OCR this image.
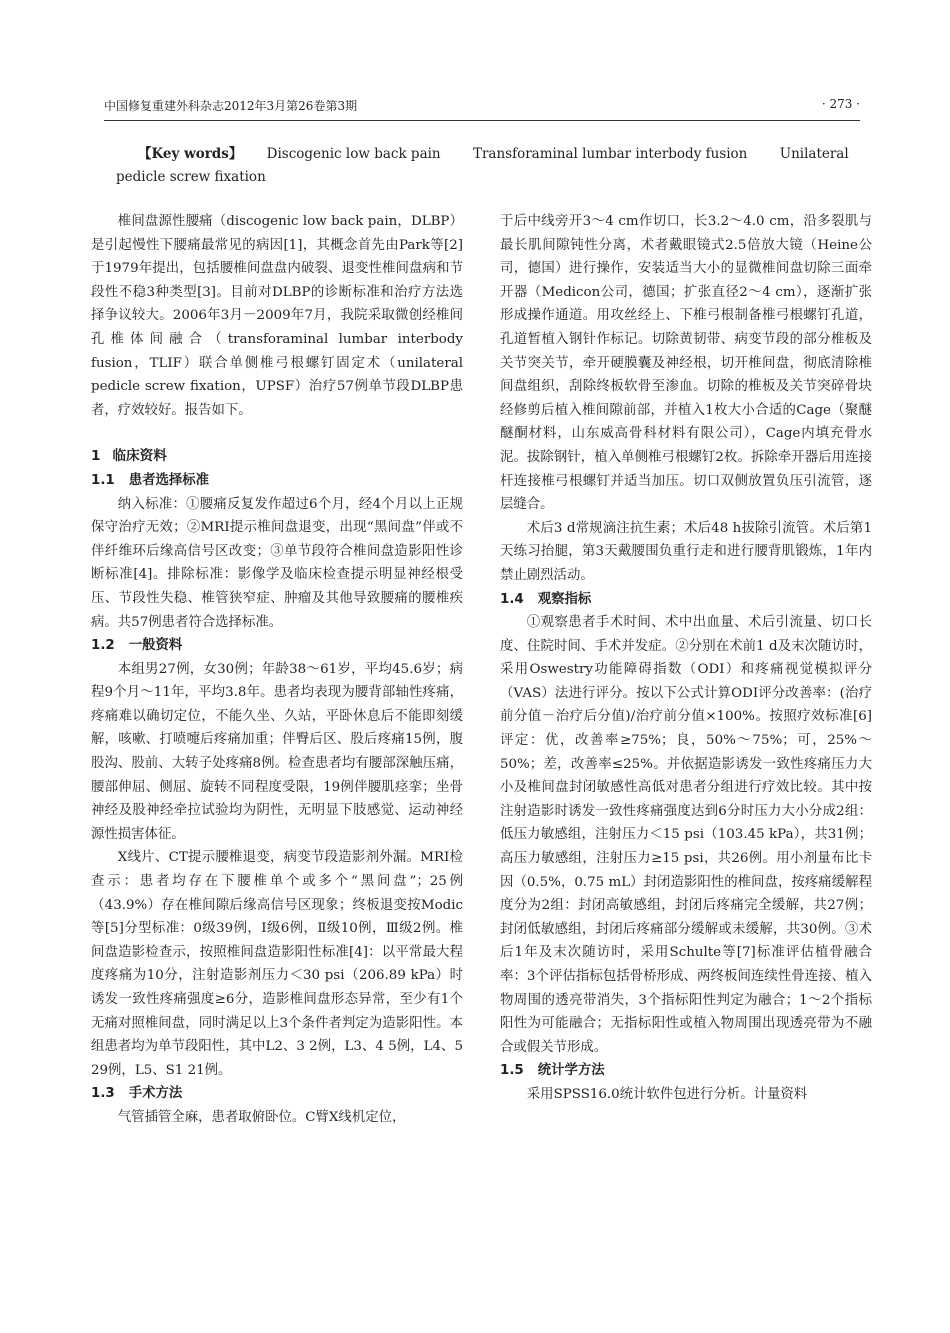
中国修复重建外科杂志2012年3月第26卷第3期	· 273 ·
【Key words】 Discogenic low back pain Transforaminal lumbar interbody fusion Unilateral pedicle screw fixation

椎间盘源性腰痛（discogenic low back pain，DLBP）是引起慢性下腰痛最常见的病因[1]，其概念首先由Park等[2]于1979年提出，包括腰椎间盘盘内破裂、退变性椎间盘病和节段性不稳3种类型[3]。目前对DLBP的诊断标准和治疗方法选择争议较大。2006年3月－2009年7月，我院采取微创经椎间孔椎体间融合（transforaminal lumbar interbody fusion，TLIF）联合单侧椎弓根螺钉固定术（unilateral pedicle screw fixation，UPSF）治疗57例单节段DLBP患者，疗效较好。报告如下。

1 临床资料
1.1 患者选择标准

纳入标准：①腰痛反复发作超过6个月，经4个月以上正规保守治疗无效；②MRI提示椎间盘退变，出现“黑间盘”伴或不伴纤维环后缘高信号区改变；③单节段符合椎间盘造影阳性诊断标准[4]。排除标准：影像学及临床检查提示明显神经根受压、节段性失稳、椎管狭窄症、肿瘤及其他导致腰痛的腰椎疾病。共57例患者符合选择标准。

1.2 一般资料

本组男27例，女30例；年龄38～61岁，平均45.6岁；病程9个月～11年，平均3.8年。患者均表现为腰背部轴性疼痛，疼痛难以确切定位，不能久坐、久站，平卧休息后不能即刻缓解，咳嗽、打喷嚏后疼痛加重；伴臀后区、股后疼痛15例，腹股沟、股前、大转子处疼痛8例。检查患者均有腰部深触压痛，腰部伸屈、侧屈、旋转不同程度受限，19例伴腰肌痉挛；坐骨神经及股神经牵拉试验均为阴性，无明显下肢感觉、运动神经源性损害体征。

X线片、CT提示腰椎退变，病变节段造影剂外漏。MRI检查示：患者均存在下腰椎单个或多个“黑间盘”；25例（43.9%）存在椎间隙后缘高信号区现象；终板退变按Modic等[5]分型标准：0级39例，Ⅰ级6例，Ⅱ级10例，Ⅲ级2例。椎间盘造影检查示，按照椎间盘造影阳性标准[4]：以平常最大程度疼痛为10分，注射造影剂压力＜30 psi（206.89 kPa）时诱发一致性疼痛强度≥6分，造影椎间盘形态异常，至少有1个无痛对照椎间盘，同时满足以上3个条件者判定为造影阳性。本组患者均为单节段阳性，其中L2、3 2例，L3、4 5例，L4、5 29例，L5、S1 21例。

1.3 手术方法

气管插管全麻，患者取俯卧位。C臂X线机定位，

于后中线旁开3～4 cm作切口，长3.2～4.0 cm，沿多裂肌与最长肌间隙钝性分离，术者戴眼镜式2.5倍放大镜（Heine公司，德国）进行操作，安装适当大小的显微椎间盘切除三面牵开器（Medicon公司，德国；扩张直径2～4 cm），逐渐扩张形成操作通道。用攻丝经上、下椎弓根制备椎弓根螺钉孔道，孔道暂植入钢针作标记。切除黄韧带、病变节段的部分椎板及关节突关节，牵开硬膜囊及神经根，切开椎间盘，彻底清除椎间盘组织，刮除终板软骨至渗血。切除的椎板及关节突碎骨块经修剪后植入椎间隙前部，并植入1枚大小合适的Cage（聚醚醚酮材料，山东威高骨科材料有限公司），Cage内填充骨水泥。拔除钢针，植入单侧椎弓根螺钉2枚。拆除牵开器后用连接杆连接椎弓根螺钉并适当加压。切口双侧放置负压引流管，逐层缝合。

术后3 d常规滴注抗生素；术后48 h拔除引流管。术后第1天练习抬腿，第3天戴腰围负重行走和进行腰背肌锻炼，1年内禁止剧烈活动。

1.4 观察指标

①观察患者手术时间、术中出血量、术后引流量、切口长度、住院时间、手术并发症。②分别在术前1 d及末次随访时，采用Oswestry功能障碍指数（ODI）和疼痛视觉模拟评分（VAS）法进行评分。按以下公式计算ODI评分改善率：(治疗前分值－治疗后分值)/治疗前分值×100%。按照疗效标准[6]评定：优，改善率≥75%；良，50%～75%；可，25%～50%；差，改善率≤25%。并依据造影诱发一致性疼痛压力大小及椎间盘封闭敏感性高低对患者分组进行疗效比较。其中按注射造影时诱发一致性疼痛强度达到6分时压力大小分成2组：低压力敏感组，注射压力＜15 psi（103.45 kPa），共31例；高压力敏感组，注射压力≥15 psi，共26例。用小剂量布比卡因（0.5%，0.75 mL）封闭造影阳性的椎间盘，按疼痛缓解程度分为2组：封闭高敏感组，封闭后疼痛完全缓解，共27例；封闭低敏感组，封闭后疼痛部分缓解或未缓解，共30例。③术后1年及末次随访时，采用Schulte等[7]标准评估植骨融合率：3个评估指标包括骨桥形成、两终板间连续性骨连接、植入物周围的透亮带消失，3个指标阳性判定为融合；1～2个指标阳性为可能融合；无指标阳性或植入物周围出现透亮带为不融合或假关节形成。

1.5 统计学方法

采用SPSS16.0统计软件包进行分析。计量资料
